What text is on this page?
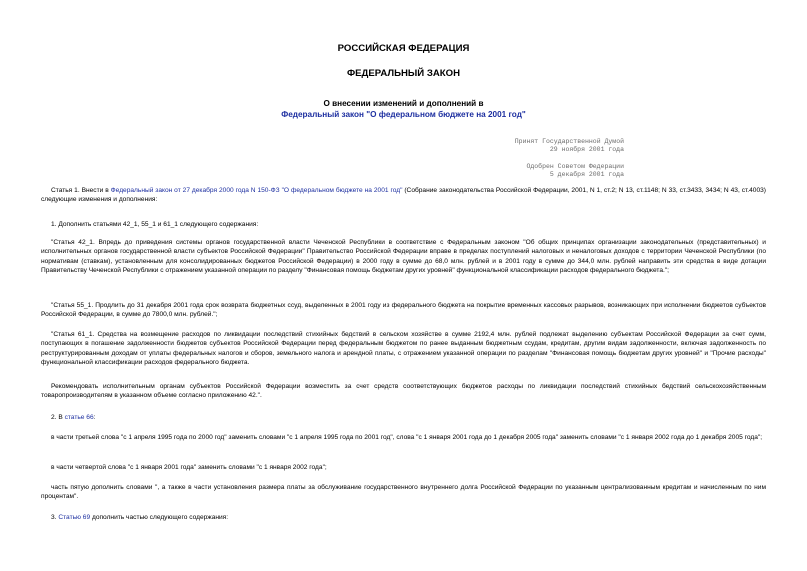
РОССИЙСКАЯ ФЕДЕРАЦИЯ
ФЕДЕРАЛЬНЫЙ ЗАКОН
О внесении изменений и дополнений в
Федеральный закон "О федеральном бюджете на 2001 год"
Принят Государственной Думой
29 ноября 2001 года
Одобрен Советом Федерации
5 декабря 2001 года
Статья 1. Внести в Федеральный закон от 27 декабря 2000 года N 150-ФЗ "О федеральном бюджете на 2001 год" (Собрание законодательства Российской Федерации, 2001, N 1, ст.2; N 13, ст.1148; N 33, ст.3433, 3434; N 43, ст.4003) следующие изменения и дополнения:
1. Дополнить статьями 42_1, 55_1 и 61_1 следующего содержания:
"Статья 42_1. Впредь до приведения системы органов государственной власти Чеченской Республики в соответствие с Федеральным законом "Об общих принципах организации законодательных (представительных) и исполнительных органов государственной власти субъектов Российской Федерации" Правительство Российской Федерации вправе в пределах поступлений налоговых и неналоговых доходов с территории Чеченской Республики (по нормативам (ставкам), установленным для консолидированных бюджетов Российской Федерации) в 2000 году в сумме до 68,0 млн. рублей и в 2001 году в сумме до 344,0 млн. рублей направить эти средства в виде дотации Правительству Чеченской Республики с отражением указанной операции по разделу "Финансовая помощь бюджетам других уровней" функциональной классификации расходов федерального бюджета.";
"Статья 55_1. Продлить до 31 декабря 2001 года срок возврата бюджетных ссуд, выделенных в 2001 году из федерального бюджета на покрытие временных кассовых разрывов, возникающих при исполнении бюджетов субъектов Российской Федерации, в сумме до 7800,0 млн. рублей.";
"Статья 61_1. Средства на возмещение расходов по ликвидации последствий стихийных бедствий в сельском хозяйстве в сумме 2192,4 млн. рублей подлежат выделению субъектам Российской Федерации за счет сумм, поступающих в погашение задолженности бюджетов субъектов Российской Федерации перед федеральным бюджетом по ранее выданным бюджетным ссудам, кредитам, другим видам задолженности, включая задолженность по реструктурированным доходам от уплаты федеральных налогов и сборов, земельного налога и арендной платы, с отражением указанной операции по разделам "Финансовая помощь бюджетам других уровней" и "Прочие расходы" функциональной классификации расходов федерального бюджета.
Рекомендовать исполнительным органам субъектов Российской Федерации возместить за счет средств соответствующих бюджетов расходы по ликвидации последствий стихийных бедствий сельскохозяйственным товаропроизводителям в указанном объеме согласно приложению 42.".
2. В статье 66:
в части третьей слова "с 1 апреля 1995 года по 2000 год" заменить словами "с 1 апреля 1995 года по 2001 год", слова "с 1 января 2001 года до 1 декабря 2005 года" заменить словами "с 1 января 2002 года до 1 декабря 2005 года";
в части четвертой слова "с 1 января 2001 года" заменить словами "с 1 января 2002 года";
часть пятую дополнить словами ", а также в части установления размера платы за обслуживание государственного внутреннего долга Российской Федерации по указанным централизованным кредитам и начисленным по ним процентам".
3. Статью 69 дополнить частью следующего содержания:
